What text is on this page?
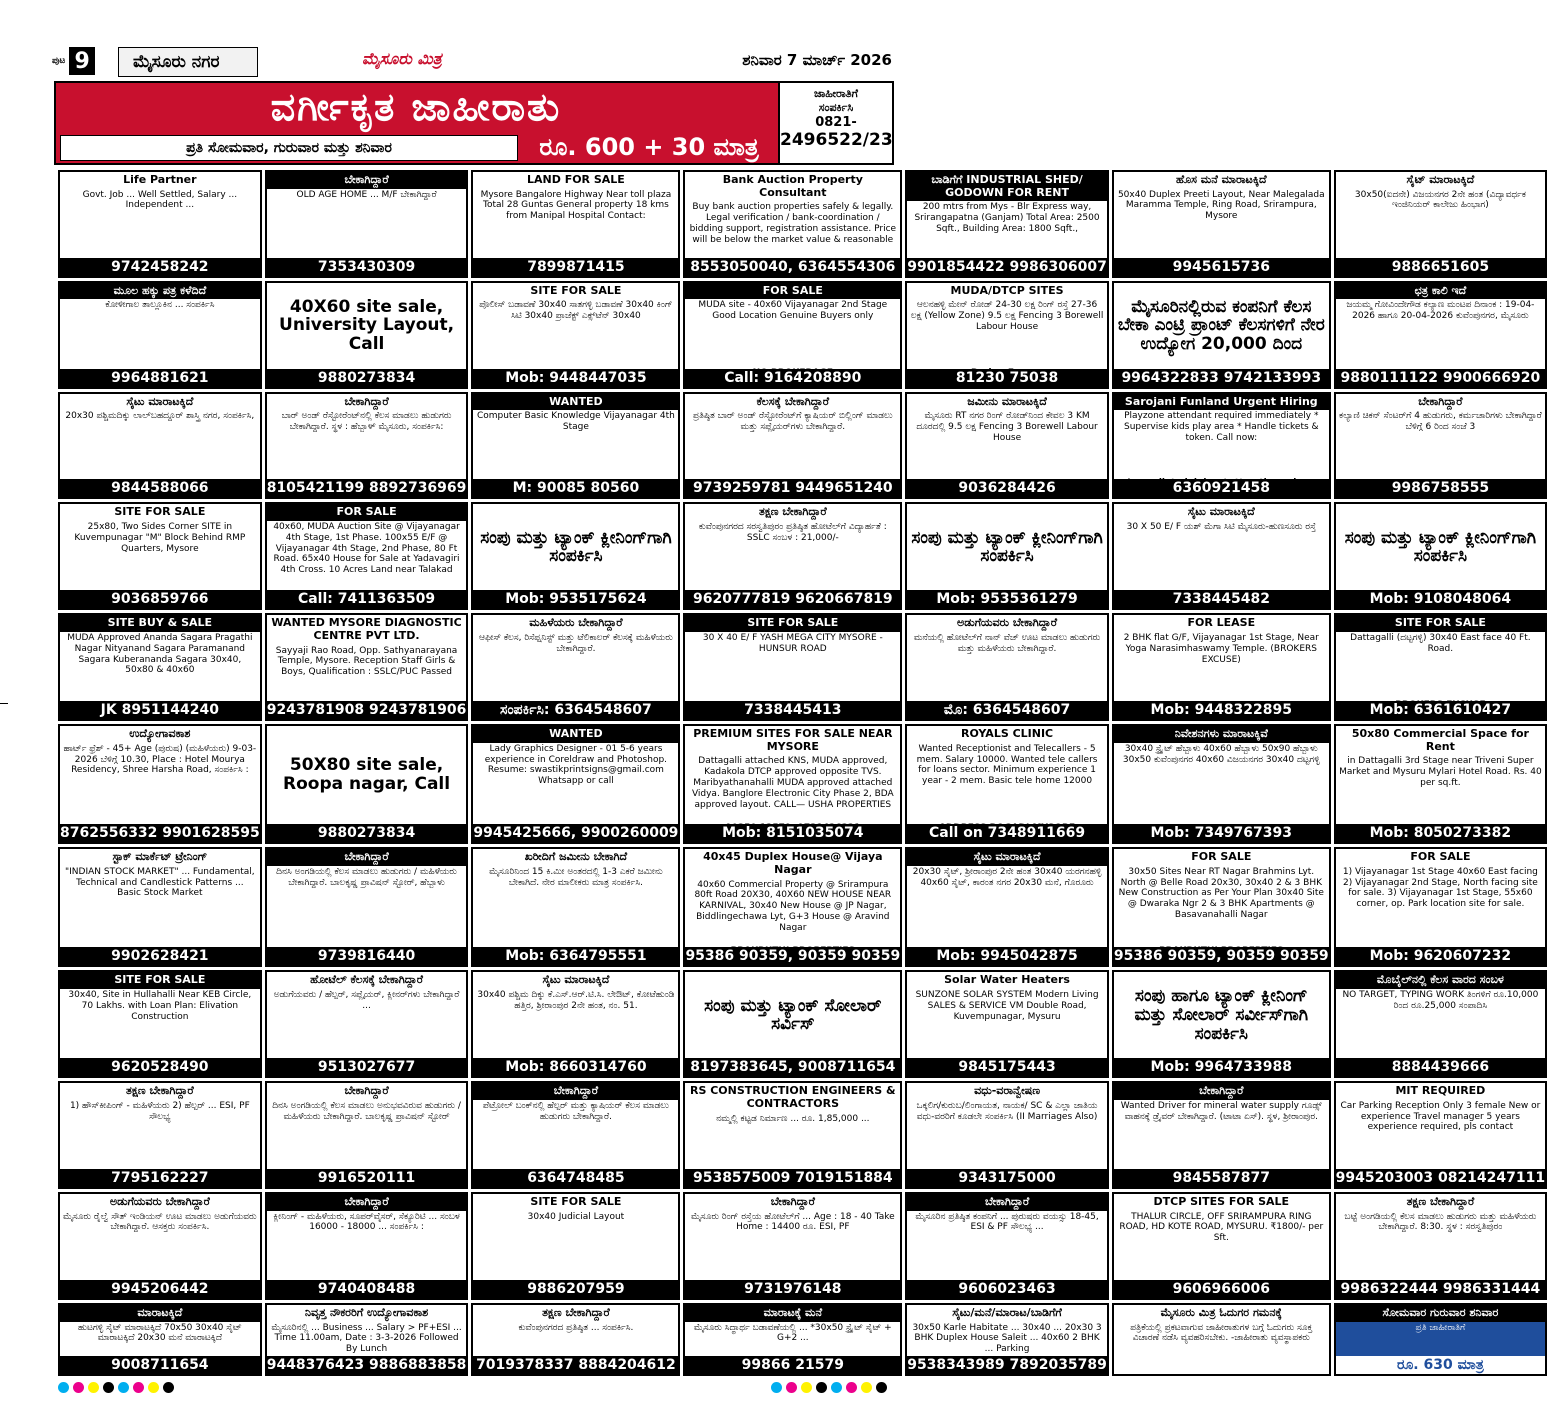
ಪುಟ 9	ಮೈಸೂರು ನಗರ	ಮೈಸೂರು ಮಿತ್ರ	ಶನಿವಾರ 7 ಮಾರ್ಚ್ 2026
ವರ್ಗೀಕೃತ ಜಾಹೀರಾತು
ಪ್ರತಿ ಸೋಮವಾರ, ಗುರುವಾರ ಮತ್ತು ಶನಿವಾರ	ರೂ. 600 + 30 ಮಾತ್ರ
ಜಾಹೀರಾತಿಗೆ
ಸಂಪರ್ಕಿಸಿ
0821-
2496522/23
Life Partner
Govt. Job ... Well Settled, Salary ... Independent ...
9742458242
ಬೇಕಾಗಿದ್ದಾರೆ
OLD AGE HOME ... M/F ಬೇಕಾಗಿದ್ದಾರೆ
7353430309
LAND FOR SALE
Mysore Bangalore Highway Near toll plaza Total 28 Guntas General property 18 kms from Manipal Hospital Contact:
7899871415
Bank Auction Property Consultant
Buy bank auction properties safely & legally. Legal verification / bank-coordination / bidding support, registration assistance. Price will be below the market value & reasonable
8553050040, 6364554306
ಬಾಡಿಗೆಗೆ INDUSTRIAL SHED/ GODOWN FOR RENT
200 mtrs from Mys - Blr Express way, Srirangapatna (Ganjam) Total Area: 2500 Sqft., Building Area: 1800 Sqft.,
9901854422 9986306007
ಹೊಸ ಮನೆ ಮಾರಾಟಕ್ಕಿದೆ
50x40 Duplex Preeti Layout, Near Malegalada Maramma Temple, Ring Road, Srirampura, Mysore
9945615736
ಸೈಟ್ ಮಾರಾಟಕ್ಕಿದೆ
30x50(ಐದನೇ) ವಿಜಯನಗರ 2ನೇ ಹಂತ (ವಿದ್ಯಾವರ್ಧಕ ಇಂಜಿನಿಯರ್ ಕಾಲೇಜು ಹಿಂಭಾಗ)
9886651605
ಮೂಲ ಹಕ್ಕು ಪತ್ರ ಕಳೆದಿದೆ
ಕೋಳೀಗಾಲ ತಾಲ್ಲೂಕಿನ ... ಸಂಪರ್ಕಿಸಿ
9964881621
40X60 site sale, University Layout, Call
9880273834
SITE FOR SALE
ಪೊಲೀಸ್ ಬಡಾವಣೆ 30x40 ಸಾತಗಳ್ಳಿ ಬಡಾವಣೆ 30x40 ಕಿಂಗ್ ಸಿಟಿ 30x40 ಪ್ರಾಜೆಕ್ಟ್ ಎಕ್ಸ್‌ಟೆನ್ 30x40
Mob: 9448447035
FOR SALE
MUDA site - 40x60 Vijayanagar 2nd Stage Good Location Genuine Buyers only
Call: 9164208890
MUDA/DTCP SITES
ಆಲನಹಳ್ಳಿ ಮೇನ್ ರೋಡ್ 24-30 ಲಕ್ಷ ರಿಂಗ್ ರಸ್ತೆ 27-36 ಲಕ್ಷ (Yellow Zone) 9.5 ಲಕ್ಷ Fencing 3 Borewell Labour House
81230 75038
ಮೈಸೂರಿನಲ್ಲಿರುವ ಕಂಪನಿಗೆ ಕೆಲಸ ಬೇಕಾ ಎಂಟ್ರಿ ಪ್ರಾಂಟ್ ಕೆಲಸಗಳಿಗೆ ನೇರ ಉದ್ಯೋಗ 20,000 ದಿಂದ
9964322833 9742133993
ಛತ್ರ ಕಾಲಿ ಇದೆ
ಜಯಮ್ಮ ಗೋವಿಂದೇಗೌಡ ಕಲ್ಯಾಣ ಮಂಟಪ ದಿನಾಂಕ : 19-04-2026 ಹಾಗೂ 20-04-2026 ಕುವೆಂಪುನಗರ, ಮೈಸೂರು
9880111122 9900666920
ಸೈಟು ಮಾರಾಟಕ್ಕಿದೆ
20x30 ಪಶ್ಚಿಮದಿಕ್ಕು ಲಾಲ್‌ಬಹದ್ದೂರ್ ಶಾಸ್ತ್ರಿ ನಗರ, ಸಂಪರ್ಕಿಸಿ,
9844588066
ಬೇಕಾಗಿದ್ದಾರೆ
ಬಾರ್ ಅಂಡ್ ರೆಸ್ಟೋರೆಂಟ್‌ನಲ್ಲಿ ಕೆಲಸ ಮಾಡಲು ಹುಡುಗರು ಬೇಕಾಗಿದ್ದಾರೆ. ಸ್ಥಳ : ಹೆಬ್ಬಾಳ್ ಮೈಸೂರು, ಸಂಪರ್ಕಿಸಿ:
8105421199 8892736969
WANTED
Computer Basic Knowledge Vijayanagar 4th Stage
M: 90085 80560
ಕೆಲಸಕ್ಕೆ ಬೇಕಾಗಿದ್ದಾರೆ
ಪ್ರತಿಷ್ಠಿತ ಬಾರ್ ಅಂಡ್ ರೆಸ್ಟೋರೆಂಟ್‌ಗೆ ಕ್ಯಾಷಿಯರ್ ಬಿಲ್ಲಿಂಗ್ ಮಾಡಲು ಮತ್ತು ಸಪ್ಲೈಯರ್‌ಗಳು ಬೇಕಾಗಿದ್ದಾರೆ.
9739259781 9449651240
ಜಮೀನು ಮಾರಾಟಕ್ಕಿದೆ
ಮೈಸೂರು RT ನಗರ ರಿಂಗ್ ರೋಡ್‌ನಿಂದ ಕೇವಲ 3 KM ದೂರದಲ್ಲಿ 9.5 ಲಕ್ಷ Fencing 3 Borewell Labour House
9036284426
Sarojani Funland Urgent Hiring
Playzone attendant required immediately * Supervise kids play area * Handle tickets & token. Call now:
6360921458
ಬೇಕಾಗಿದ್ದಾರೆ
ಕಲ್ಯಾಣಿ ಚಿಕನ್ ಸೆಂಟರ್‌ಗೆ 4 ಹುಡುಗರು, ಕರ್ಮಚಾರಿಗಳು ಬೇಕಾಗಿದ್ದಾರೆ ಬೆಳಿಗ್ಗೆ 6 ರಿಂದ ಸಂಜೆ 3
9986758555
SITE FOR SALE
25x80, Two Sides Corner SITE in Kuvempunagar "M" Block Behind RMP Quarters, Mysore
9036859766
FOR SALE
40x60, MUDA Auction Site @ Vijayanagar 4th Stage, 1st Phase. 100x55 E/F @ Vijayanagar 4th Stage, 2nd Phase, 80 Ft Road. 65x40 House for Sale at Yadavagiri 4th Cross. 10 Acres Land near Talakad
Call: 7411363509
ಸಂಪು ಮತ್ತು ಟ್ಯಾಂಕ್ ಕ್ಲೀನಿಂಗ್‌ಗಾಗಿ ಸಂಪರ್ಕಿಸಿ
Mob: 9535175624
ತಕ್ಷಣ ಬೇಕಾಗಿದ್ದಾರೆ
ಕುವೆಂಪುನಗರದ ಸರಸ್ವತಿಪುರಂ ಪ್ರತಿಷ್ಠಿತ ಹೋಟೆಲ್‌ಗೆ ವಿದ್ಯಾರ್ಹತೆ : SSLC ಸಂಬಳ : 21,000/-
9620777819 9620667819
ಸಂಪು ಮತ್ತು ಟ್ಯಾಂಕ್ ಕ್ಲೀನಿಂಗ್‌ಗಾಗಿ ಸಂಪರ್ಕಿಸಿ
Mob: 9535361279
ಸೈಟು ಮಾರಾಟಕ್ಕಿದೆ
30 X 50 E/ F ಯಶ್ ಮೆಗಾ ಸಿಟಿ ಮೈಸೂರು-ಹುಣಸೂರು ರಸ್ತೆ
7338445482
ಸಂಪು ಮತ್ತು ಟ್ಯಾಂಕ್ ಕ್ಲೀನಿಂಗ್‌ಗಾಗಿ ಸಂಪರ್ಕಿಸಿ
Mob: 9108048064
SITE BUY & SALE
MUDA Approved Ananda Sagara Pragathi Nagar Nityanand Sagara Paramanand Sagara Kuberananda Sagara 30x40, 50x80 & 40x60
JK 8951144240
WANTED MYSORE DIAGNOSTIC CENTRE PVT LTD.
Sayyaji Rao Road, Opp. Sathyanarayana Temple, Mysore. Reception Staff Girls & Boys, Qualification : SSLC/PUC Passed
9243781908 9243781906
ಮಹಿಳೆಯರು ಬೇಕಾಗಿದ್ದಾರೆ
ಆಫೀಸ್ ಕೆಲಸ, ರಿಸೆಪ್ಷನಿಸ್ಟ್ ಮತ್ತು ಟೆಲಿಕಾಲರ್ ಕೆಲಸಕ್ಕೆ ಮಹಿಳೆಯರು ಬೇಕಾಗಿದ್ದಾರೆ.
ಸಂಪರ್ಕಿಸಿ: 6364548607
SITE FOR SALE
30 X 40 E/ F YASH MEGA CITY MYSORE - HUNSUR ROAD
7338445413
ಅಡುಗೆಯವರು ಬೇಕಾಗಿದ್ದಾರೆ
ಮನೆಯಲ್ಲಿ ಹೋಟೆಲ್‌ಗೆ ನಾನ್ ವೆಜ್ ಊಟ ಮಾಡಲು ಹುಡುಗರು ಮತ್ತು ಮಹಿಳೆಯರು ಬೇಕಾಗಿದ್ದಾರೆ.
ಮೊ: 6364548607
FOR LEASE
2 BHK flat G/F, Vijayanagar 1st Stage, Near Yoga Narasimhaswamy Temple. (BROKERS EXCUSE)
Mob: 9448322895
SITE FOR SALE
Dattagalli (ದಟ್ಟಗಳ್ಳಿ) 30x40 East face 40 Ft. Road.
Mob: 6361610427
ಉದ್ಯೋಗಾವಕಾಶ
ಹಾರ್ಟ್ ಫ್ರೆಶ್ - 45+ Age (ಪುರುಷ) (ಮಹಿಳೆಯರು) 9-03-2026 ಬೆಳಿಗ್ಗೆ 10.30, Place : Hotel Mourya Residency, Shree Harsha Road, ಸಂಪರ್ಕಿಸಿ :
8762556332 9901628595
50X80 site sale, Roopa nagar, Call
9880273834
WANTED
Lady Graphics Designer - 01 5-6 years experience in Coreldraw and Photoshop. Resume: swastikprintsigns@gmail.com Whatsapp or call
9945425666, 9900260009
PREMIUM SITES FOR SALE NEAR MYSORE
Dattagalli attached KNS, MUDA approved, Kadakola DTCP approved opposite TVS. Maribyathanahalli MUDA approved attached Vidya. Banglore Electronic City Phase 2, BDA approved layout. CALL— USHA PROPERTIES
Mob: 8151035074
ROYALS CLINIC
Wanted Receptionist and Telecallers - 5 mem. Salary 10000. Wanted tele callers for loans sector. Minimum experience 1 year - 2 mem. Basic tele home 12000
Call on 7348911669
ನಿವೇಶನಗಳು ಮಾರಾಟಕ್ಕಿವೆ
30x40 ಸ್ಟ್ರೈಟ್ ಹೆಬ್ಬಾಳು 40x60 ಹೆಬ್ಬಾಳು 50x90 ಹೆಬ್ಬಾಳು 30x50 ಕುವೆಂಪುನಗರ 40x60 ವಿಜಯನಗರ 30x40 ದಟ್ಟಗಳ್ಳಿ
Mob: 7349767393
50x80 Commercial Space for Rent
in Dattagalli 3rd Stage near Triveni Super Market and Mysuru Mylari Hotel Road. Rs. 40 per sq.ft.
Mob: 8050273382
ಸ್ಟಾಕ್ ಮಾರ್ಕೆಟ್ ಟ್ರೇನಿಂಗ್
"INDIAN STOCK MARKET" ... Fundamental, Technical and Candlestick Patterns ... Basic Stock Market
9902628421
ಬೇಕಾಗಿದ್ದಾರೆ
ದಿನಸಿ ಅಂಗಡಿಯಲ್ಲಿ ಕೆಲಸ ಮಾಡಲು ಹುಡುಗರು / ಮಹಿಳೆಯರು ಬೇಕಾಗಿದ್ದಾರೆ. ಬಾಲಕೃಷ್ಣ ಪ್ರಾವಿಷನ್ ಸ್ಟೋರ್, ಹೆಬ್ಬಾಳು
9739816440
ಖರೀದಿಗೆ ಜಮೀನು ಬೇಕಾಗಿದೆ
ಮೈಸೂರಿನಿಂದ 15 ಕಿ.ಮೀ ಅಂತರದಲ್ಲಿ 1-3 ಎಕರೆ ಜಮೀನು ಬೇಕಾಗಿದೆ. ನೇರ ಮಾಲೀಕರು ಮಾತ್ರ ಸಂಪರ್ಕಿಸಿ.
Mob: 6364795551
40x45 Duplex House@ Vijaya Nagar
40x60 Commercial Property @ Srirampura 80ft Road 20X30, 40X60 NEW HOUSE NEAR KARNIVAL, 30x40 New House @ JP Nagar, Biddlingechawa Lyt, G+3 House @ Aravind Nagar
95386 90359, 90359 90359
ಸೈಟು ಮಾರಾಟಕ್ಕಿದೆ
20x30 ಸೈಟ್, ಶ್ರೀರಾಂಪುರ 2ನೇ ಹಂತ 30x40 ಯರಗನಹಳ್ಳಿ 40x60 ಸೈಟ್, ಕಾರಂತ ನಗರ 20x30 ಮನೆ, ಗೊರೂರು
Mob: 9945042875
FOR SALE
30x50 Sites Near RT Nagar Brahmins Lyt. North @ Belle Road 20x30, 30x40 2 & 3 BHK New Construction as Per Your Plan 30x40 Site @ Dwaraka Ngr 2 & 3 BHK Apartments @ Basavanahalli Nagar
95386 90359, 90359 90359
FOR SALE
1) Vijayanagar 1st Stage 40x60 East facing 2) Vijayanagar 2nd Stage, North facing site for sale. 3) Vijayanagar 1st Stage, 55x60 corner, op. Park location site for sale.
Mob: 9620607232
SITE FOR SALE
30x40, Site in Hullahalli Near KEB Circle, 70 Lakhs. with Loan Plan: Elivation Construction
9620528490
ಹೋಟೆಲ್ ಕೆಲಸಕ್ಕೆ ಬೇಕಾಗಿದ್ದಾರೆ
ಅಡುಗೆಯವರು / ಹೆಲ್ಪರ್, ಸಪ್ಲೈಯರ್, ಕ್ಲೀನರ್‌ಗಳು ಬೇಕಾಗಿದ್ದಾರೆ ...
9513027677
ಸೈಟು ಮಾರಾಟಕ್ಕಿದೆ
30x40 ಪಶ್ಚಿಮ ದಿಕ್ಕು ಕೆ.ಎಸ್.ಆರ್.ಟಿ.ಸಿ. ಲೇಔಟ್, ಕೋಟೆಹುಂಡಿ ಹತ್ತಿರ, ಶ್ರೀರಾಂಪುರ 2ನೇ ಹಂತ, ನಂ. 51.
Mob: 8660314760
ಸಂಪು ಮತ್ತು ಟ್ಯಾಂಕ್ ಸೋಲಾರ್ ಸರ್ವಿಸ್
8197383645, 9008711654
Solar Water Heaters
SUNZONE SOLAR SYSTEM Modern Living SALES & SERVICE VM Double Road, Kuvempunagar, Mysuru
9845175443
ಸಂಪು ಹಾಗೂ ಟ್ಯಾಂಕ್ ಕ್ಲೀನಿಂಗ್ ಮತ್ತು ಸೋಲಾರ್ ಸರ್ವೀಸ್‌ಗಾಗಿ ಸಂಪರ್ಕಿಸಿ
Mob: 9964733988
ಮೊಬೈಲ್‌ನಲ್ಲಿ ಕೆಲಸ ವಾರದ ಸಂಬಳ
NO TARGET, TYPING WORK ತಿಂಗಳಿಗೆ ರೂ.10,000 ರಿಂದ ರೂ.25,000 ಸಂಪಾದಿಸಿ
8884439666
ತಕ್ಷಣ ಬೇಕಾಗಿದ್ದಾರೆ
1) ಹೌಸ್‌ಕೀಪಿಂಗ್ - ಮಹಿಳೆಯರು 2) ಹೆಲ್ಪರ್ ... ESI, PF ಸೌಲಭ್ಯ
7795162227
ಬೇಕಾಗಿದ್ದಾರೆ
ದಿನಸಿ ಅಂಗಡಿಯಲ್ಲಿ ಕೆಲಸ ಮಾಡಲು ಅನುಭವವಿರುವ ಹುಡುಗರು / ಮಹಿಳೆಯರು ಬೇಕಾಗಿದ್ದಾರೆ. ಬಾಲಕೃಷ್ಣ ಪ್ರಾವಿಷನ್ ಸ್ಟೋರ್
9916520111
ಬೇಕಾಗಿದ್ದಾರೆ
ಪೆಟ್ರೋಲ್ ಬಂಕ್‌ನಲ್ಲಿ ಹೆಲ್ಪರ್ ಮತ್ತು ಕ್ಯಾಷಿಯರ್ ಕೆಲಸ ಮಾಡಲು ಹುಡುಗರು ಬೇಕಾಗಿದ್ದಾರೆ.
6364748485
RS CONSTRUCTION ENGINEERS & CONTRACTORS
ನಮ್ಮಲ್ಲಿ ಕಟ್ಟಡ ನಿರ್ಮಾಣ ... ರೂ. 1,85,000 ...
9538575009 7019151884
ವಧು-ವರಾನ್ವೇಷಣ
ಒಕ್ಕಲಿಗ/ಕುರುಬ/ಲಿಂಗಾಯತ, ನಾಯಕ/ SC & ಎಲ್ಲಾ ಜಾತಿಯ ವಧು-ವರರಿಗೆ ಕೂಡಲೇ ಸಂಪರ್ಕಿಸಿ (II Marriages Also)
9343175000
ಬೇಕಾಗಿದ್ದಾರೆ
Wanted Driver for mineral water supply ಗೂಡ್ಸ್ ವಾಹನಕ್ಕೆ ಡ್ರೈವರ್ ಬೇಕಾಗಿದ್ದಾರೆ. (ಟಾಟಾ ಏಸ್). ಸ್ಥಳ, ಶ್ರೀರಾಂಪುರ.
9845587877
MIT REQUIRED
Car Parking Reception Only 3 female New or experience Travel manager 5 years experience required, pls contact
9945203003 08214247111
ಅಡುಗೆಯವರು ಬೇಕಾಗಿದ್ದಾರೆ
ಮೈಸೂರು ರೈಲ್ವೆ ಸೌತ್ ಇಂಡಿಯನ್ ಊಟ ಮಾಡಲು ಅಡುಗೆಯವರು ಬೇಕಾಗಿದ್ದಾರೆ. ಆಸಕ್ತರು ಸಂಪರ್ಕಿಸಿ.
9945206442
ಬೇಕಾಗಿದ್ದಾರೆ
ಕ್ಲೀನಿಂಗ್ - ಮಹಿಳೆಯರು, ಸೂಪರ್‌ವೈಸರ್, ಸೆಕ್ಯೂರಿಟಿ ... ಸಂಬಳ 16000 - 18000 ... ಸಂಪರ್ಕಿಸಿ :
9740408488
SITE FOR SALE
30x40 Judicial Layout
9886207959
ಬೇಕಾಗಿದ್ದಾರೆ
ಮೈಸೂರು ರಿಂಗ್ ರಸ್ತೆಯ ಹೋಟೆಲ್‌ಗೆ ... Age : 18 - 40 Take Home : 14400 ರೂ. ESI, PF
9731976148
ಬೇಕಾಗಿದ್ದಾರೆ
ಮೈಸೂರಿನ ಪ್ರತಿಷ್ಠಿತ ಕಂಪನಿಗೆ ... ಪುರುಷರು ವಯಸ್ಸು 18-45, ESI & PF ಸೌಲಭ್ಯ ...
9606023463
DTCP SITES FOR SALE
THALUR CIRCLE, OFF SRIRAMPURA RING ROAD, HD KOTE ROAD, MYSURU. ₹1800/- per Sft.
9606966006
ತಕ್ಷಣ ಬೇಕಾಗಿದ್ದಾರೆ
ಬಟ್ಟೆ ಅಂಗಡಿಯಲ್ಲಿ ಕೆಲಸ ಮಾಡಲು ಹುಡುಗರು ಮತ್ತು ಮಹಿಳೆಯರು ಬೇಕಾಗಿದ್ದಾರೆ. 8:30. ಸ್ಥಳ : ಸರಸ್ವತಿಪುರಂ
9986322444 9986331444
ಮಾರಾಟಕ್ಕಿದೆ
ಹುಟಗಳ್ಳಿ ಸೈಟ್ ಮಾರಾಟಕ್ಕಿದೆ 70x50 30x40 ಸೈಟ್ ಮಾರಾಟಕ್ಕಿದೆ 20x30 ಮನೆ ಮಾರಾಟಕ್ಕಿದೆ
9008711654
ನಿವೃತ್ತ ನೌಕರರಿಗೆ ಉದ್ಯೋಗಾವಕಾಶ
ಮೈಸೂರಿನಲ್ಲಿ ... Business ... Salary > PF+ESI ... Time 11.00am, Date : 3-3-2026 Followed By Lunch
9448376423 9886883858
ತಕ್ಷಣ ಬೇಕಾಗಿದ್ದಾರೆ
ಕುವೆಂಪುನಗರದ ಪ್ರತಿಷ್ಠಿತ ... ಸಂಪರ್ಕಿಸಿ.
7019378337 8884204612
ಮಾರಾಟಕ್ಕೆ ಮನೆ
ಮೈಸೂರು ಸಿದ್ಧಾರ್ಥ ಬಡಾವಣೆಯಲ್ಲಿ ... *30x50 ಸ್ಟ್ರೈಟ್ ಸೈಟ್ + G+2 ...
99866 21579
ಸೈಟು/ಮನೆ/ಮಾರಾಟ/ಬಾಡಿಗೆಗೆ
30x50 Karle Habitate ... 30x40 ... 20x30 3 BHK Duplex House Saleit ... 40x60 2 BHK ... Parking
9538343989 7892035789
ಮೈಸೂರು ಮಿತ್ರ ಓದುಗರ ಗಮನಕ್ಕೆ
ಪತ್ರಿಕೆಯಲ್ಲಿ ಪ್ರಕಟವಾಗುವ ಜಾಹೀರಾತುಗಳ ಬಗ್ಗೆ ಓದುಗರು ಸೂಕ್ತ ವಿಚಾರಣೆ ನಡೆಸಿ ವ್ಯವಹರಿಸಬೇಕು. -ಜಾಹೀರಾತು ವ್ಯವಸ್ಥಾಪಕರು
ಸೋಮವಾರ ಗುರುವಾರ ಶನಿವಾರ
ಪ್ರತಿ ಜಾಹೀರಾತಿಗೆ
ರೂ. 630 ಮಾತ್ರ
